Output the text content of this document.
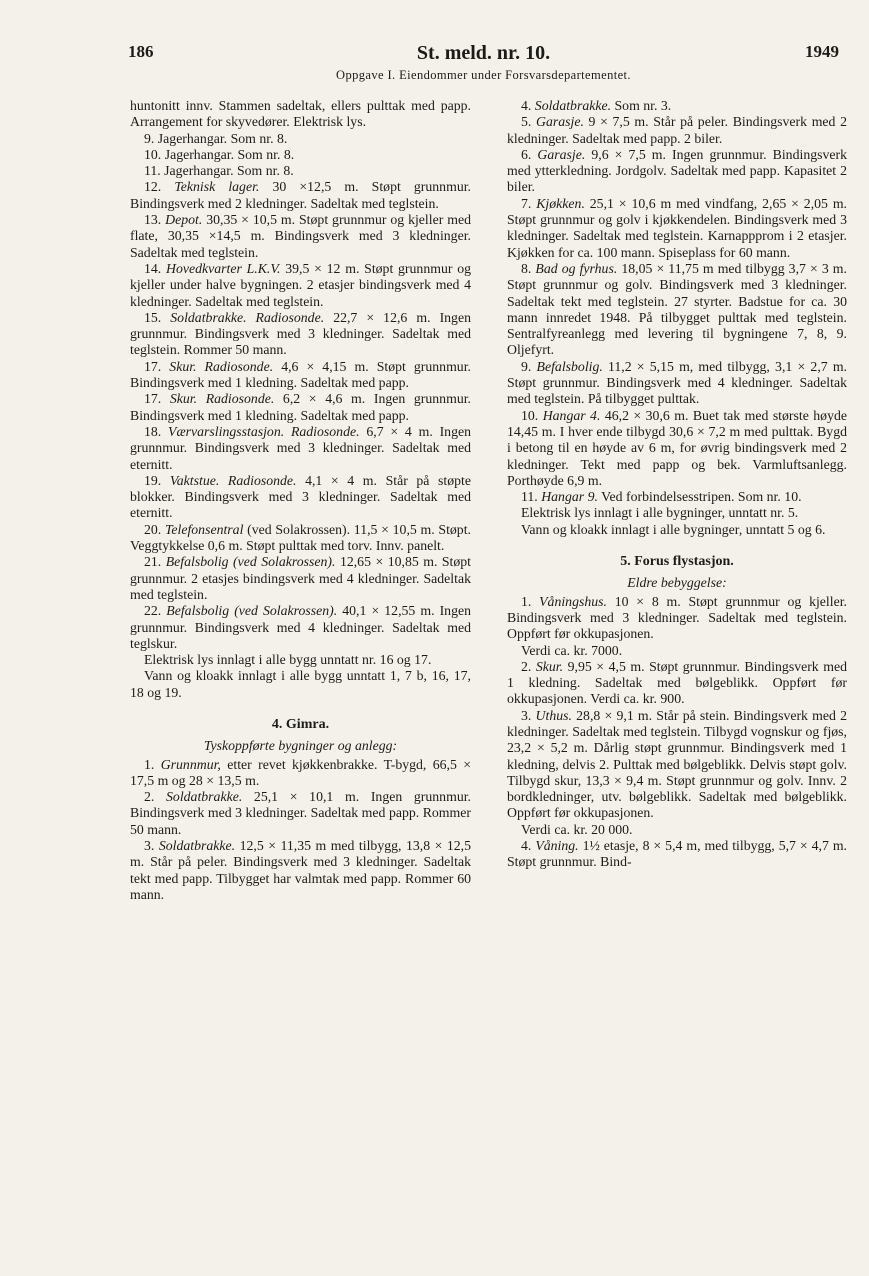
186	St. meld. nr. 10.	1949
Oppgave I. Eiendommer under Forsvarsdepartementet.

huntonitt innv. Stammen sadeltak, ellers pulttak med papp. Arrangement for skyvedører. Elektrisk lys.

9. Jagerhangar. Som nr. 8.

10. Jagerhangar. Som nr. 8.

11. Jagerhangar. Som nr. 8.

12. Teknisk lager. 30 ×12,5 m. Støpt grunnmur. Bindingsverk med 2 kledninger. Sadeltak med teglstein.

13. Depot. 30,35 × 10,5 m. Støpt grunnmur og kjeller med flate, 30,35 ×14,5 m. Bindingsverk med 3 kledninger. Sadeltak med teglstein.

14. Hovedkvarter L.K.V. 39,5 × 12 m. Støpt grunnmur og kjeller under halve bygningen. 2 etasjer bindingsverk med 4 kledninger. Sadeltak med teglstein.

15. Soldatbrakke. Radiosonde. 22,7 × 12,6 m. Ingen grunnmur. Bindingsverk med 3 kledninger. Sadeltak med teglstein. Rommer 50 mann.

17. Skur. Radiosonde. 4,6 × 4,15 m. Støpt grunnmur. Bindingsverk med 1 kledning. Sadeltak med papp.

17. Skur. Radiosonde. 6,2 × 4,6 m. Ingen grunnmur. Bindingsverk med 1 kledning. Sadeltak med papp.

18. Værvarslingsstasjon. Radiosonde. 6,7 × 4 m. Ingen grunnmur. Bindingsverk med 3 kledninger. Sadeltak med eternitt.

19. Vaktstue. Radiosonde. 4,1 × 4 m. Står på støpte blokker. Bindingsverk med 3 kledninger. Sadeltak med eternitt.

20. Telefonsentral (ved Solakrossen). 11,5 × 10,5 m. Støpt. Veggtykkelse 0,6 m. Støpt pulttak med torv. Innv. panelt.

21. Befalsbolig (ved Solakrossen). 12,65 × 10,85 m. Støpt grunnmur. 2 etasjes bindingsverk med 4 kledninger. Sadeltak med teglstein.

22. Befalsbolig (ved Solakrossen). 40,1 × 12,55 m. Ingen grunnmur. Bindingsverk med 4 kledninger. Sadeltak med teglskur.

Elektrisk lys innlagt i alle bygg unntatt nr. 16 og 17.

Vann og kloakk innlagt i alle bygg unntatt 1, 7 b, 16, 17, 18 og 19.

4. Gimra.

Tyskoppførte bygninger og anlegg:

1. Grunnmur, etter revet kjøkkenbrakke. T-bygd, 66,5 × 17,5 m og 28 × 13,5 m.

2. Soldatbrakke. 25,1 × 10,1 m. Ingen grunnmur. Bindingsverk med 3 kledninger. Sadeltak med papp. Rommer 50 mann.

3. Soldatbrakke. 12,5 × 11,35 m med tilbygg, 13,8 × 12,5 m. Står på peler. Bindingsverk med 3 kledninger. Sadeltak tekt med papp. Tilbygget har valmtak med papp. Rommer 60 mann.

4. Soldatbrakke. Som nr. 3.

5. Garasje. 9 × 7,5 m. Står på peler. Bindingsverk med 2 kledninger. Sadeltak med papp. 2 biler.

6. Garasje. 9,6 × 7,5 m. Ingen grunnmur. Bindingsverk med ytterkledning. Jordgolv. Sadeltak med papp. Kapasitet 2 biler.

7. Kjøkken. 25,1 × 10,6 m med vindfang, 2,65 × 2,05 m. Støpt grunnmur og golv i kjøkkendelen. Bindingsverk med 3 kledninger. Sadeltak med teglstein. Karnappprom i 2 etasjer. Kjøkken for ca. 100 mann. Spiseplass for 60 mann.

8. Bad og fyrhus. 18,05 × 11,75 m med tilbygg 3,7 × 3 m. Støpt grunnmur og golv. Bindingsverk med 3 kledninger. Sadeltak tekt med teglstein. 27 styrter. Badstue for ca. 30 mann innredet 1948. På tilbygget pulttak med teglstein. Sentralfyreanlegg med levering til bygningene 7, 8, 9. Oljefyrt.

9. Befalsbolig. 11,2 × 5,15 m, med tilbygg, 3,1 × 2,7 m. Støpt grunnmur. Bindingsverk med 4 kledninger. Sadeltak med teglstein. På tilbygget pulttak.

10. Hangar 4. 46,2 × 30,6 m. Buet tak med største høyde 14,45 m. I hver ende tilbygd 30,6 × 7,2 m med pulttak. Bygd i betong til en høyde av 6 m, for øvrig bindingsverk med 2 kledninger. Tekt med papp og bek. Varmluftsanlegg. Porthøyde 6,9 m.

11. Hangar 9. Ved forbindelsesstripen. Som nr. 10.

Elektrisk lys innlagt i alle bygninger, unntatt nr. 5.

Vann og kloakk innlagt i alle bygninger, unntatt 5 og 6.

5. Forus flystasjon.

Eldre bebyggelse:

1. Våningshus. 10 × 8 m. Støpt grunnmur og kjeller. Bindingsverk med 3 kledninger. Sadeltak med teglstein. Oppført før okkupasjonen.

Verdi ca. kr. 7000.

2. Skur. 9,95 × 4,5 m. Støpt grunnmur. Bindingsverk med 1 kledning. Sadeltak med bølgeblikk. Oppført før okkupasjonen. Verdi ca. kr. 900.

3. Uthus. 28,8 × 9,1 m. Står på stein. Bindingsverk med 2 kledninger. Sadeltak med teglstein. Tilbygd vognskur og fjøs, 23,2 × 5,2 m. Dårlig støpt grunnmur. Bindingsverk med 1 kledning, delvis 2. Pulttak med bølgeblikk. Delvis støpt golv. Tilbygd skur, 13,3 × 9,4 m. Støpt grunnmur og golv. Innv. 2 bordkledninger, utv. bølgeblikk. Sadeltak med bølgeblikk. Oppført før okkupasjonen.

Verdi ca. kr. 20 000.

4. Våning. 1½ etasje, 8 × 5,4 m, med tilbygg, 5,7 × 4,7 m. Støpt grunnmur. Bind-
